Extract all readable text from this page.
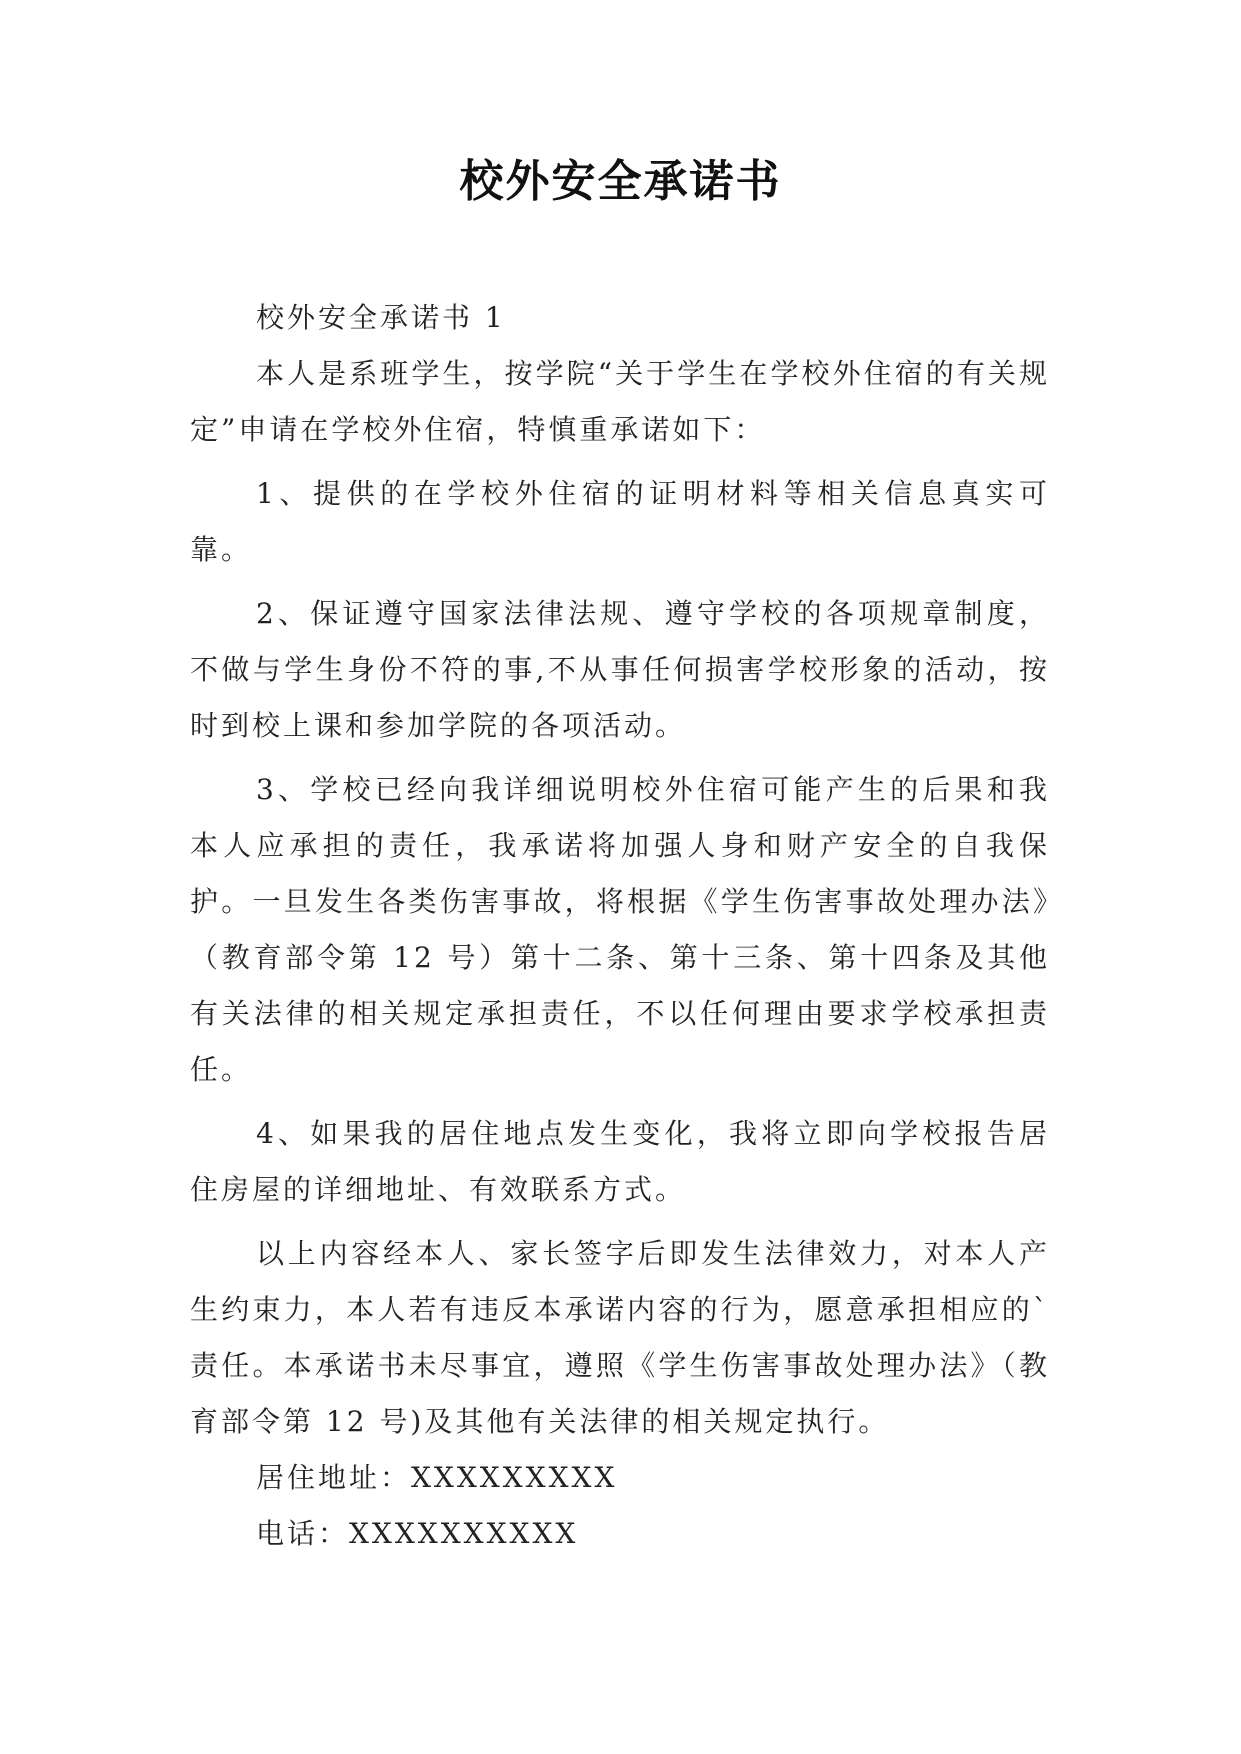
校外安全承诺书

校外安全承诺书 1

本人是系班学生，按学院“关于学生在学校外住宿的有关规定”申请在学校外住宿，特慎重承诺如下：

1、提供的在学校外住宿的证明材料等相关信息真实可靠。

2、保证遵守国家法律法规、遵守学校的各项规章制度，不做与学生身份不符的事,不从事任何损害学校形象的活动，按时到校上课和参加学院的各项活动。

3、学校已经向我详细说明校外住宿可能产生的后果和我本人应承担的责任，我承诺将加强人身和财产安全的自我保护。一旦发生各类伤害事故，将根据《学生伤害事故处理办法》（教育部令第 12 号）第十二条、第十三条、第十四条及其他有关法律的相关规定承担责任，不以任何理由要求学校承担责任。

4、如果我的居住地点发生变化，我将立即向学校报告居住房屋的详细地址、有效联系方式。

以上内容经本人、家长签字后即发生法律效力，对本人产生约束力，本人若有违反本承诺内容的行为，愿意承担相应的`责任。本承诺书未尽事宜，遵照《学生伤害事故处理办法》（教育部令第 12 号)及其他有关法律的相关规定执行。

居住地址：XXXXXXXXX

电话：XXXXXXXXXX
